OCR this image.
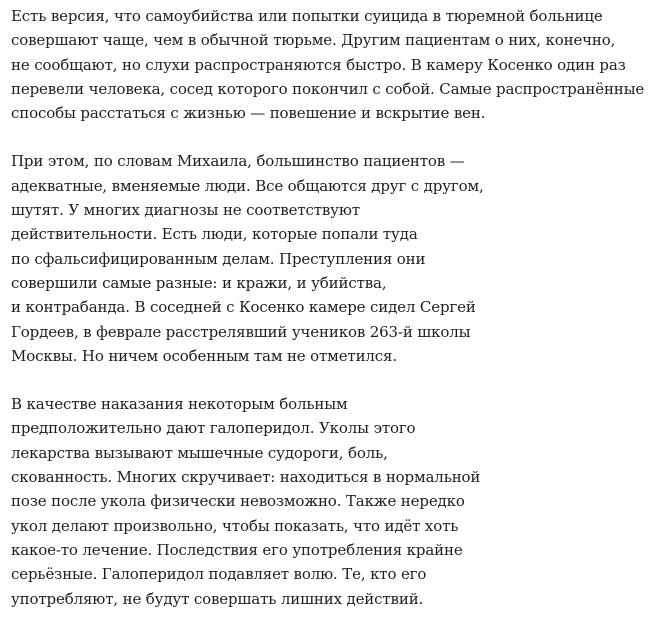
Есть версия, что самоубийства или попытки суицида в тюремной больнице
совершают чаще, чем в обычной тюрьме. Другим пациентам о них, конечно,
не сообщают, но слухи распространяются быстро. В камеру Косенко один раз
перевели человека, сосед которого покончил с собой. Самые распространённые
способы расстаться с жизнью — повешение и вскрытие вен.

При этом, по словам Михаила, большинство пациентов —
адекватные, вменяемые люди. Все общаются друг с другом,
шутят. У многих диагнозы не соответствуют
действительности. Есть люди, которые попали туда
по сфальсифицированным делам. Преступления они
совершили самые разные: и кражи, и убийства,
и контрабанда. В соседней с Косенко камере сидел Сергей
Гордеев, в феврале расстрелявший учеников 263-й школы
Москвы. Но ничем особенным там не отметился.

В качестве наказания некоторым больным
предположительно дают галоперидол. Уколы этого
лекарства вызывают мышечные судороги, боль,
скованность. Многих скручивает: находиться в нормальной
позе после укола физически невозможно. Также нередко
укол делают произвольно, чтобы показать, что идёт хоть
какое-то лечение. Последствия его употребления крайне
серьёзные. Галоперидол подавляет волю. Те, кто его
употребляют, не будут совершать лишних действий.
